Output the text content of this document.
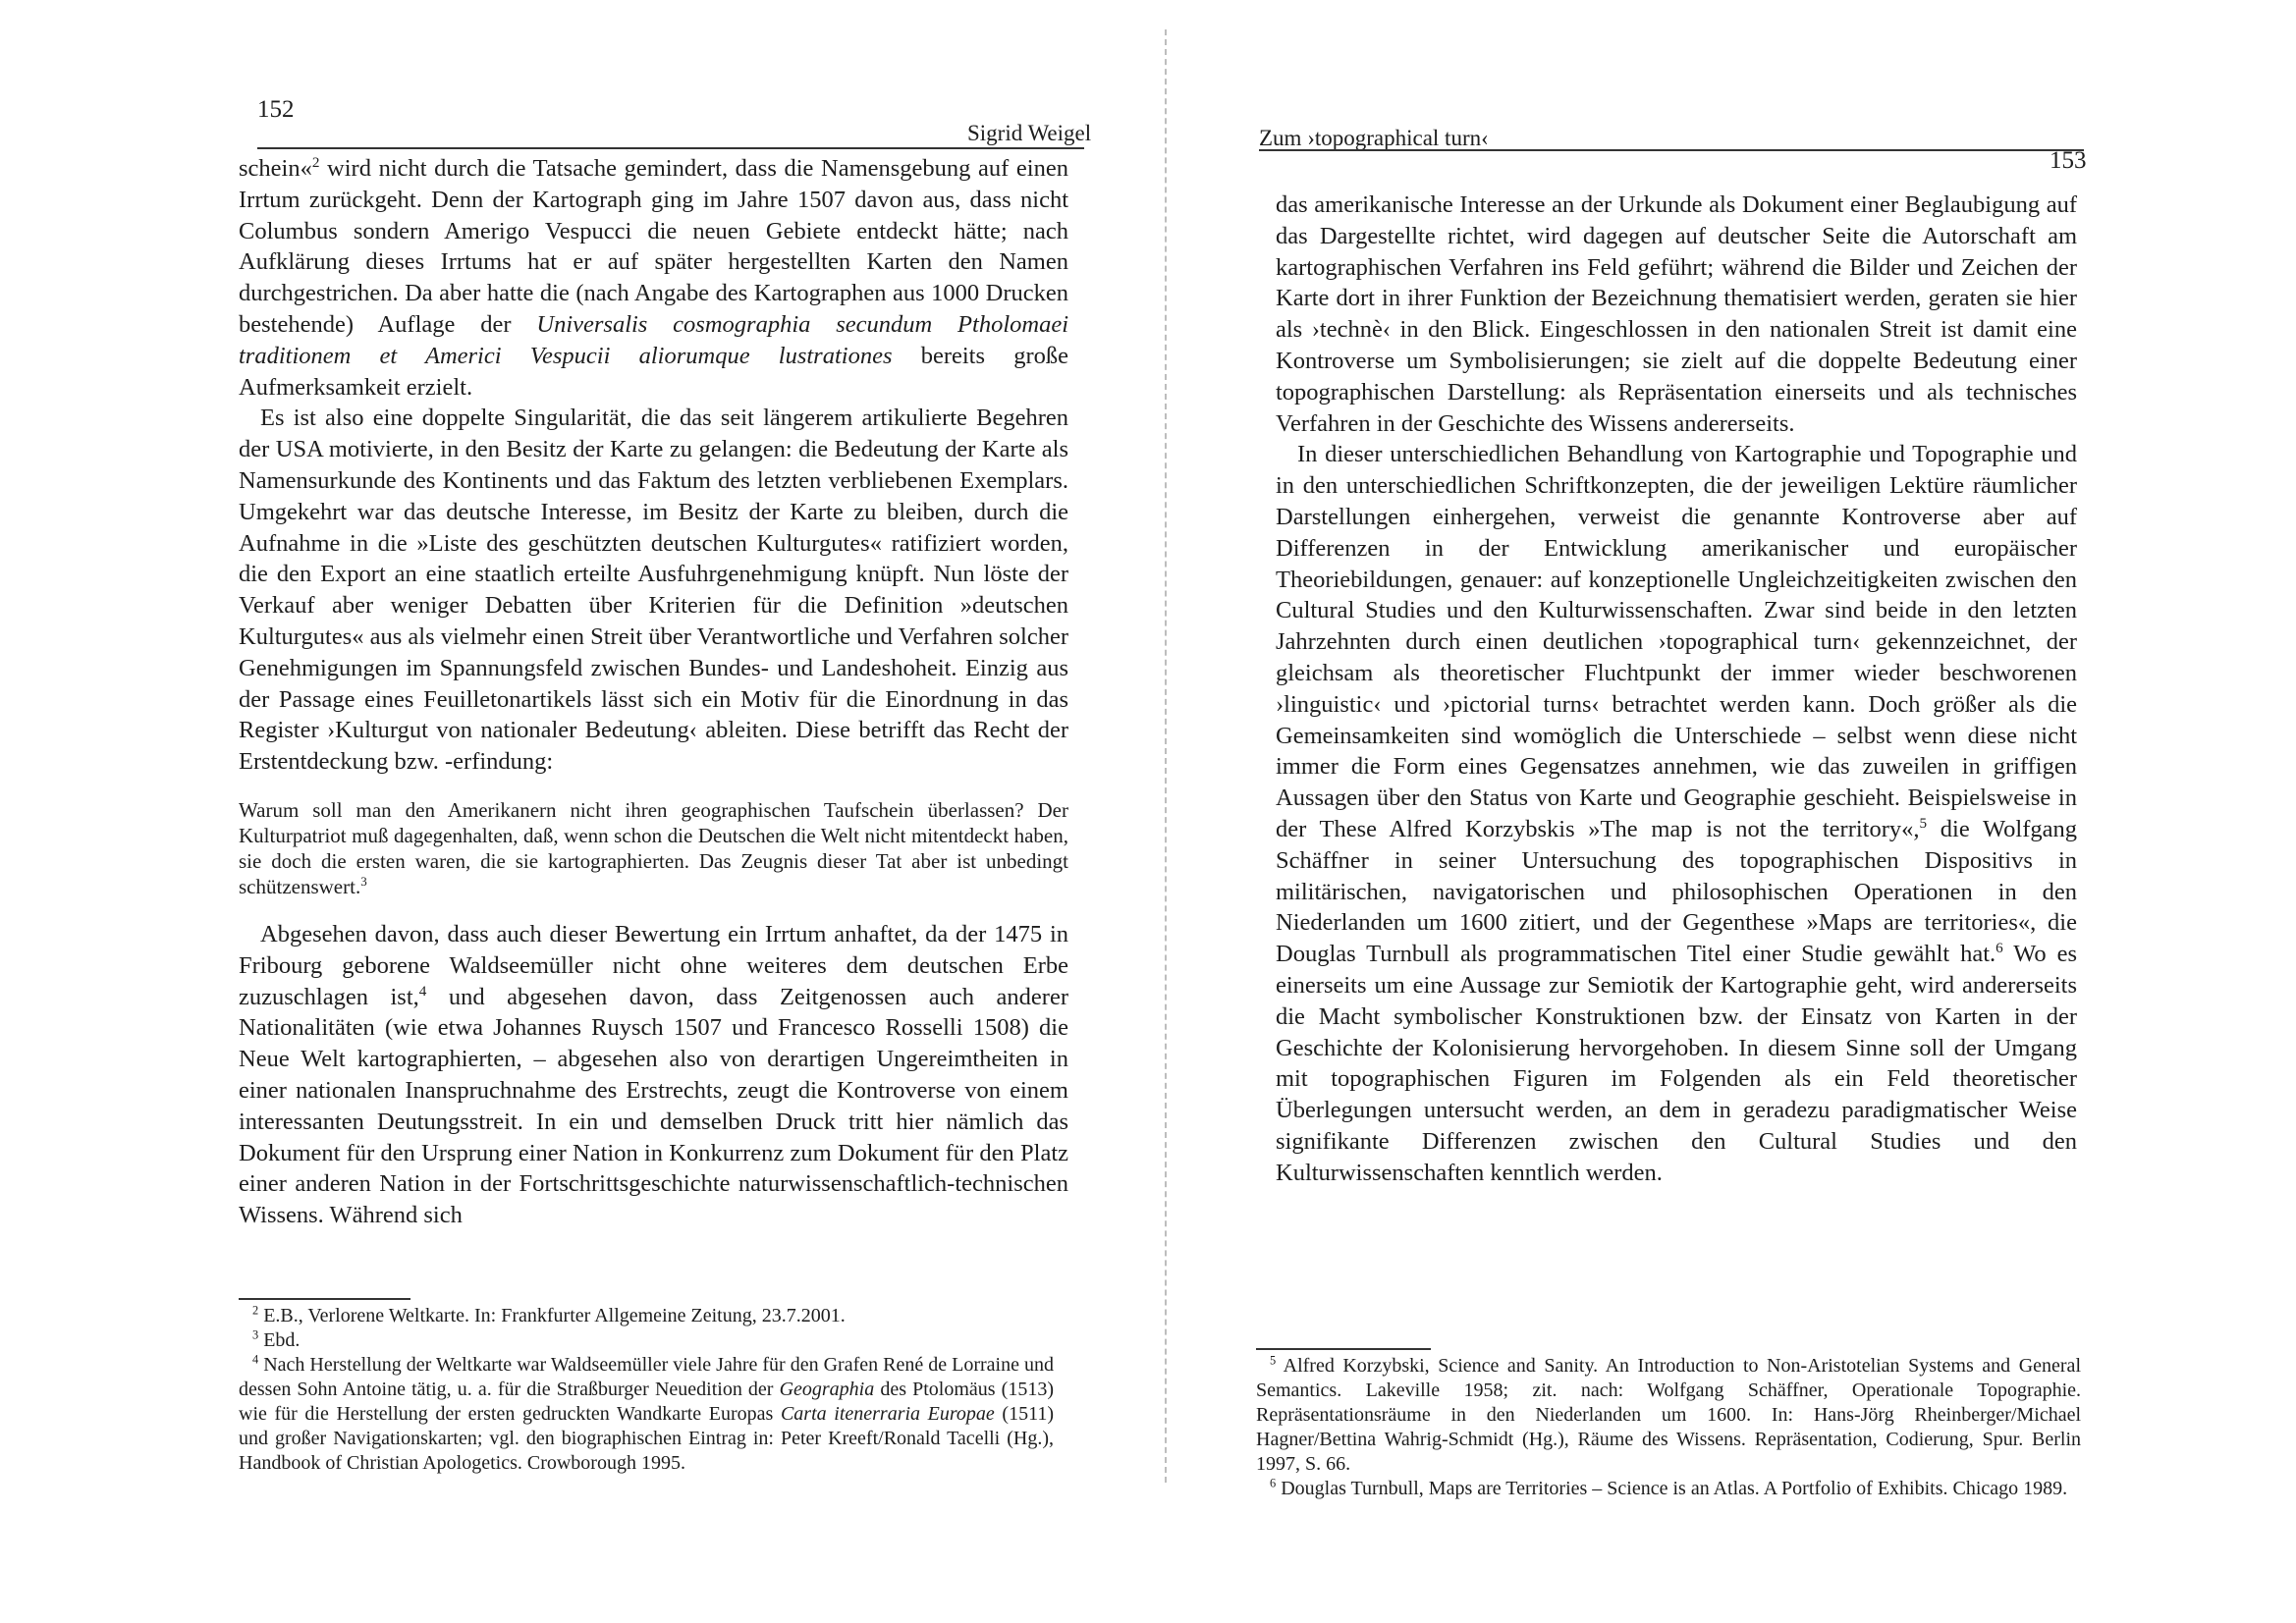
152
Sigrid Weigel

schein«$^2$ wird nicht durch die Tatsache gemindert, dass die Namensgebung auf einen Irrtum zurückgeht. Denn der Kartograph ging im Jahre 1507 davon aus, dass nicht Columbus sondern Amerigo Vespucci die neuen Gebiete entdeckt hätte; nach Aufklärung dieses Irrtums hat er auf später hergestellten Karten den Namen durchgestrichen. Da aber hatte die (nach Angabe des Kartographen aus 1000 Drucken bestehende) Auflage der Universalis cosmographia secundum Ptholomaei traditionem et Americi Vespucii aliorumque lustrationes bereits große Aufmerksamkeit erzielt.

Es ist also eine doppelte Singularität, die das seit längerem artikulierte Begehren der USA motivierte, in den Besitz der Karte zu gelangen: die Bedeutung der Karte als Namensurkunde des Kontinents und das Faktum des letzten verbliebenen Exemplars. Umgekehrt war das deutsche Interesse, im Besitz der Karte zu bleiben, durch die Aufnahme in die »Liste des geschützten deutschen Kulturgutes« ratifiziert worden, die den Export an eine staatlich erteilte Ausfuhrgenehmigung knüpft. Nun löste der Verkauf aber weniger Debatten über Kriterien für die Definition »deutschen Kulturgutes« aus als vielmehr einen Streit über Verantwortliche und Verfahren solcher Genehmigungen im Spannungsfeld zwischen Bundes- und Landeshoheit. Einzig aus der Passage eines Feuilletonartikels lässt sich ein Motiv für die Einordnung in das Register ›Kulturgut von nationaler Bedeutung‹ ableiten. Diese betrifft das Recht der Erstentdeckung bzw. -erfindung:

Warum soll man den Amerikanern nicht ihren geographischen Taufschein überlassen? Der Kulturpatriot muß dagegenhalten, daß, wenn schon die Deutschen die Welt nicht mitentdeckt haben, sie doch die ersten waren, die sie kartographierten. Das Zeugnis dieser Tat aber ist unbedingt schützenswert.$^3$

Abgesehen davon, dass auch dieser Bewertung ein Irrtum anhaftet, da der 1475 in Fribourg geborene Waldseemüller nicht ohne weiteres dem deutschen Erbe zuzuschlagen ist,$^4$ und abgesehen davon, dass Zeitgenossen auch anderer Nationalitäten (wie etwa Johannes Ruysch 1507 und Francesco Rosselli 1508) die Neue Welt kartographierten, – abgesehen also von derartigen Ungereimtheiten in einer nationalen Inanspruchnahme des Erstrechts, zeugt die Kontroverse von einem interessanten Deutungsstreit. In ein und demselben Druck tritt hier nämlich das Dokument für den Ursprung einer Nation in Konkurrenz zum Dokument für den Platz einer anderen Nation in der Fortschrittsgeschichte naturwissenschaftlich-technischen Wissens. Während sich

$^2$ E.B., Verlorene Weltkarte. In: Frankfurter Allgemeine Zeitung, 23.7.2001.

$^3$ Ebd.

$^4$ Nach Herstellung der Weltkarte war Waldseemüller viele Jahre für den Grafen René de Lorraine und dessen Sohn Antoine tätig, u. a. für die Straßburger Neuedition der Geographia des Ptolomäus (1513) wie für die Herstellung der ersten gedruckten Wandkarte Europas Carta itenerraria Europae (1511) und großer Navigationskarten; vgl. den biographischen Eintrag in: Peter Kreeft/Ronald Tacelli (Hg.), Handbook of Christian Apologetics. Crowborough 1995.

Zum ›topographical turn‹
153

das amerikanische Interesse an der Urkunde als Dokument einer Beglaubigung auf das Dargestellte richtet, wird dagegen auf deutscher Seite die Autorschaft am kartographischen Verfahren ins Feld geführt; während die Bilder und Zeichen der Karte dort in ihrer Funktion der Bezeichnung thematisiert werden, geraten sie hier als ›technè‹ in den Blick. Eingeschlossen in den nationalen Streit ist damit eine Kontroverse um Symbolisierungen; sie zielt auf die doppelte Bedeutung einer topographischen Darstellung: als Repräsentation einerseits und als technisches Verfahren in der Geschichte des Wissens andererseits.

In dieser unterschiedlichen Behandlung von Kartographie und Topographie und in den unterschiedlichen Schriftkonzepten, die der jeweiligen Lektüre räumlicher Darstellungen einhergehen, verweist die genannte Kontroverse aber auf Differenzen in der Entwicklung amerikanischer und europäischer Theoriebildungen, genauer: auf konzeptionelle Ungleichzeitigkeiten zwischen den Cultural Studies und den Kulturwissenschaften. Zwar sind beide in den letzten Jahrzehnten durch einen deutlichen ›topographical turn‹ gekennzeichnet, der gleichsam als theoretischer Fluchtpunkt der immer wieder beschworenen ›linguistic‹ und ›pictorial turns‹ betrachtet werden kann. Doch größer als die Gemeinsamkeiten sind womöglich die Unterschiede – selbst wenn diese nicht immer die Form eines Gegensatzes annehmen, wie das zuweilen in griffigen Aussagen über den Status von Karte und Geographie geschieht. Beispielsweise in der These Alfred Korzybskis »The map is not the territory«,$^5$ die Wolfgang Schäffner in seiner Untersuchung des topographischen Dispositivs in militärischen, navigatorischen und philosophischen Operationen in den Niederlanden um 1600 zitiert, und der Gegenthese »Maps are territories«, die Douglas Turnbull als programmatischen Titel einer Studie gewählt hat.$^6$ Wo es einerseits um eine Aussage zur Semiotik der Kartographie geht, wird andererseits die Macht symbolischer Konstruktionen bzw. der Einsatz von Karten in der Geschichte der Kolonisierung hervorgehoben. In diesem Sinne soll der Umgang mit topographischen Figuren im Folgenden als ein Feld theoretischer Überlegungen untersucht werden, an dem in geradezu paradigmatischer Weise signifikante Differenzen zwischen den Cultural Studies und den Kulturwissenschaften kenntlich werden.

$^5$ Alfred Korzybski, Science and Sanity. An Introduction to Non-Aristotelian Systems and General Semantics. Lakeville 1958; zit. nach: Wolfgang Schäffner, Operationale Topographie. Repräsentationsräume in den Niederlanden um 1600. In: Hans-Jörg Rheinberger/Michael Hagner/Bettina Wahrig-Schmidt (Hg.), Räume des Wissens. Repräsentation, Codierung, Spur. Berlin 1997, S. 66.

$^6$ Douglas Turnbull, Maps are Territories – Science is an Atlas. A Portfolio of Exhibits. Chicago 1989.
